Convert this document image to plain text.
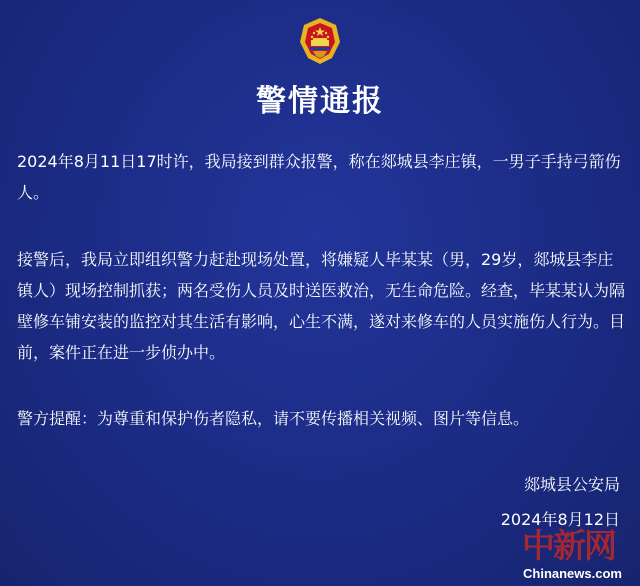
警情通报

2024年8月11日17时许，我局接到群众报警，称在郯城县李庄镇，一男子手持弓箭伤人。

接警后，我局立即组织警力赶赴现场处置，将嫌疑人毕某某（男，29岁，郯城县李庄镇人）现场控制抓获；两名受伤人员及时送医救治，无生命危险。经查，毕某某认为隔壁修车铺安装的监控对其生活有影响，心生不满，遂对来修车的人员实施伤人行为。目前，案件正在进一步侦办中。

警方提醒：为尊重和保护伤者隐私，请不要传播相关视频、图片等信息。

郯城县公安局
2024年8月12日
中新网
Chinanews.com
